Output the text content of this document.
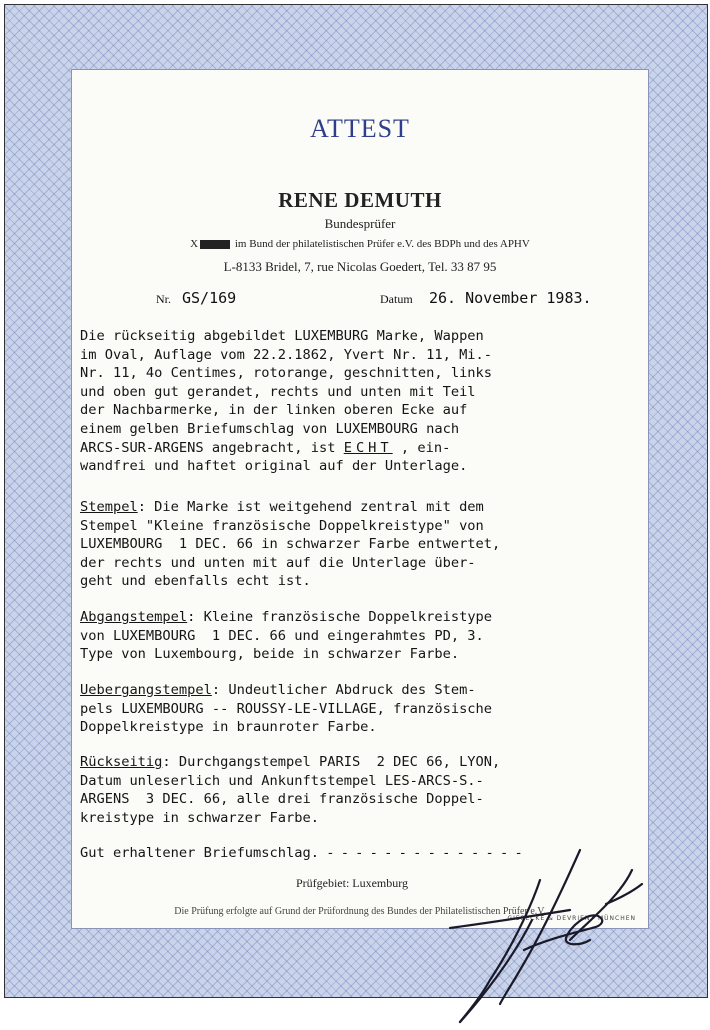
ATTEST
RENE DEMUTH
Bundesprüfer
X	im Bund der philatelistischen Prüfer e.V. des BDPh und des APHV
L-8133 Bridel, 7, rue Nicolas Goedert, Tel. 33 87 95
Nr. GS/169	Datum 26. November 1983.
Die rückseitig abgebildet LUXEMBURG Marke, Wappen
im Oval, Auflage vom 22.2.1862, Yvert Nr. 11, Mi.-
Nr. 11, 4o Centimes, rotorange, geschnitten, links
und oben gut gerandet, rechts und unten mit Teil
der Nachbarmerke, in der linken oberen Ecke auf
einem gelben Briefumschlag von LUXEMBOURG nach
ARCS-SUR-ARGENS angebracht, ist ECHT , ein-
wandfrei und haftet original auf der Unterlage.
Stempel: Die Marke ist weitgehend zentral mit dem
Stempel "Kleine französische Doppelkreistype" von
LUXEMBOURG  1 DEC. 66 in schwarzer Farbe entwertet,
der rechts und unten mit auf die Unterlage über-
geht und ebenfalls echt ist.
Abgangstempel: Kleine französische Doppelkreistype
von LUXEMBOURG  1 DEC. 66 und eingerahmtes PD, 3.
Type von Luxembourg, beide in schwarzer Farbe.
Uebergangstempel: Undeutlicher Abdruck des Stem-
pels LUXEMBOURG -- ROUSSY-LE-VILLAGE, französische
Doppelkreistype in braunroter Farbe.
Rückseitig: Durchgangstempel PARIS  2 DEC 66, LYON,
Datum unleserlich und Ankunftstempel LES-ARCS-S.-
ARGENS  3 DEC. 66, alle drei französische Doppel-
kreistype in schwarzer Farbe.
Gut erhaltener Briefumschlag. - - - - - - - - - - - - - -
Prüfgebiet: Luxemburg
Die Prüfung erfolgte auf Grund der Prüfordnung des Bundes der Philatelistischen Prüfer e.V.
GIESECKE & DEVRIENT MÜNCHEN
